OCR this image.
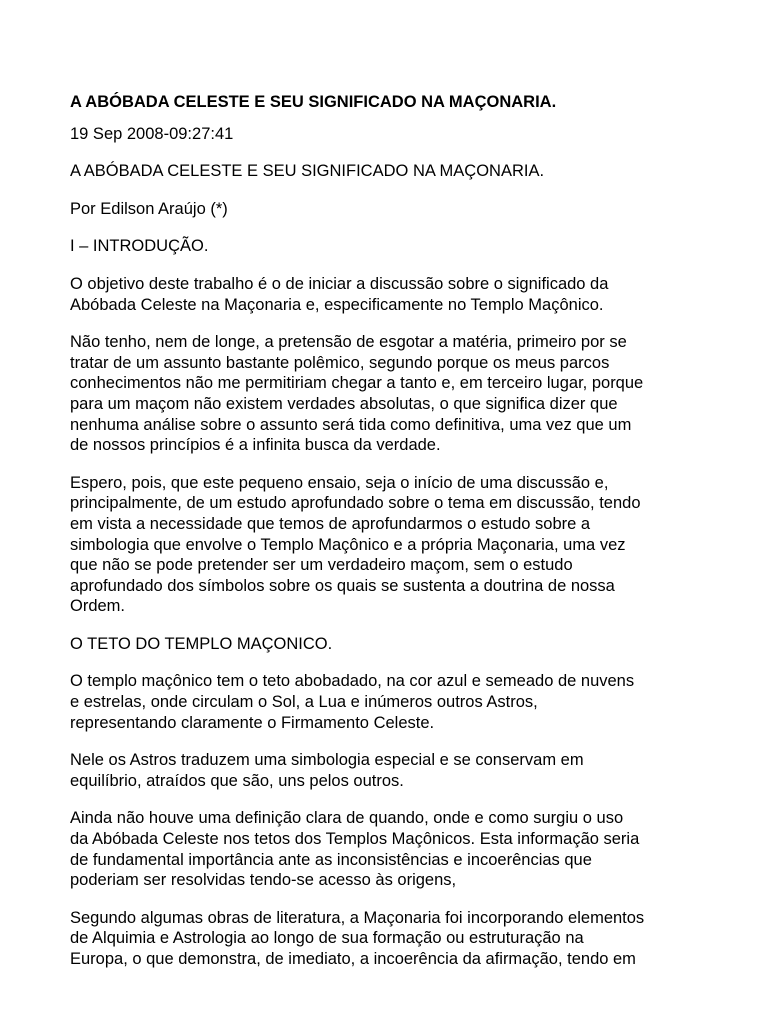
A ABÓBADA CELESTE E SEU SIGNIFICADO NA MAÇONARIA.
19 Sep 2008-09:27:41
A ABÓBADA CELESTE E SEU SIGNIFICADO NA MAÇONARIA.
Por Edilson Araújo (*)
I – INTRODUÇÃO.
O objetivo deste trabalho é o de iniciar a discussão sobre o significado da
Abóbada Celeste na Maçonaria e, especificamente no Templo Maçônico.
Não tenho, nem de longe, a pretensão de esgotar a matéria, primeiro por se
tratar de um assunto bastante polêmico, segundo porque os meus parcos
conhecimentos não me permitiriam chegar a tanto e, em terceiro lugar, porque
para um maçom não existem verdades absolutas, o que significa dizer que
nenhuma análise sobre o assunto será tida como definitiva, uma vez que um
de nossos princípios é a infinita busca da verdade.
Espero, pois, que este pequeno ensaio, seja o início de uma discussão e,
principalmente, de um estudo aprofundado sobre o tema em discussão, tendo
em vista a necessidade que temos de aprofundarmos o estudo sobre a
simbologia que envolve o Templo Maçônico e a própria Maçonaria, uma vez
que não se pode pretender ser um verdadeiro maçom, sem o estudo
aprofundado dos símbolos sobre os quais se sustenta a doutrina de nossa
Ordem.
O TETO DO TEMPLO MAÇONICO.
O templo maçônico tem o teto abobadado, na cor azul e semeado de nuvens
e estrelas, onde circulam o Sol, a Lua e inúmeros outros Astros,
representando claramente o Firmamento Celeste.
Nele os Astros traduzem uma simbologia especial e se conservam em
equilíbrio, atraídos que são, uns pelos outros.
Ainda não houve uma definição clara de quando, onde e como surgiu o uso
da Abóbada Celeste nos tetos dos Templos Maçônicos. Esta informação seria
de fundamental importância ante as inconsistências e incoerências que
poderiam ser resolvidas tendo-se acesso às origens,
Segundo algumas obras de literatura, a Maçonaria foi incorporando elementos
de Alquimia e Astrologia ao longo de sua formação ou estruturação na
Europa, o que demonstra, de imediato, a incoerência da afirmação, tendo em
